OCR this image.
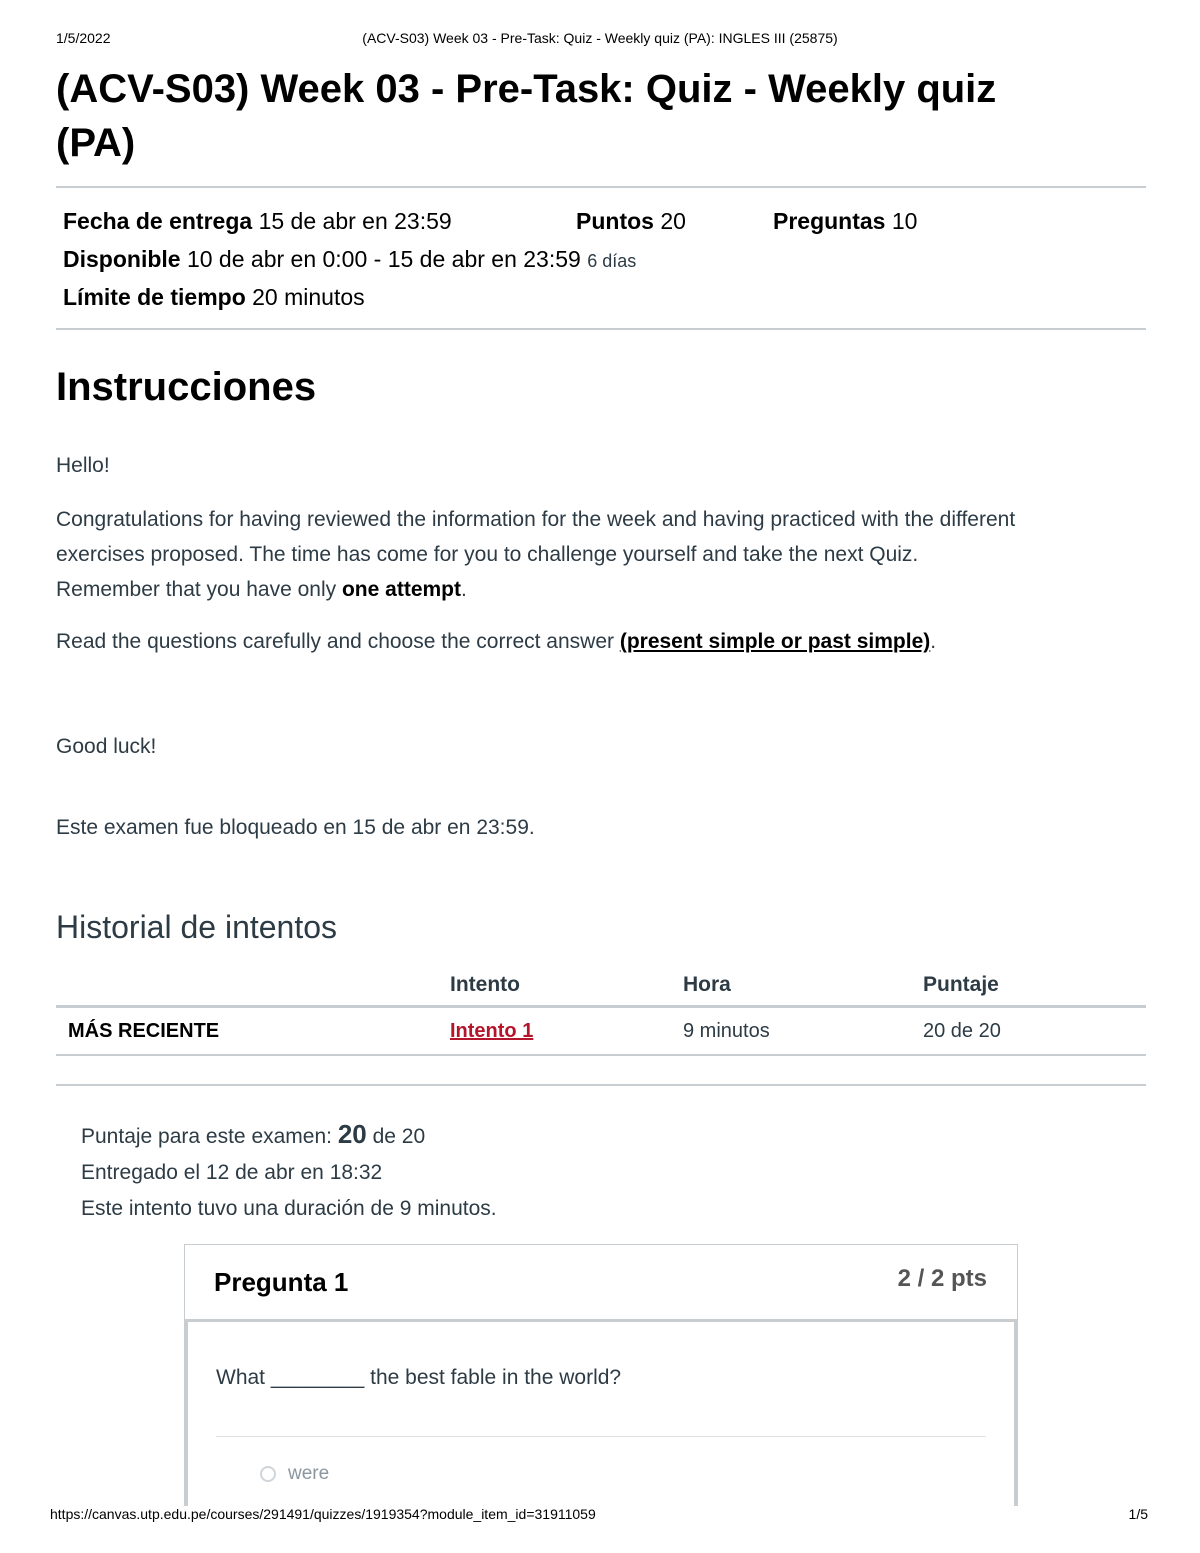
1/5/2022	(ACV-S03) Week 03 - Pre-Task: Quiz - Weekly quiz (PA): INGLES III (25875)
(ACV-S03) Week 03 - Pre-Task: Quiz - Weekly quiz
(PA)
Fecha de entrega 15 de abr en 23:59	Puntos 20	Preguntas 10
Disponible 10 de abr en 0:00 - 15 de abr en 23:59 6 días
Límite de tiempo 20 minutos
Instrucciones

Hello!

Congratulations for having reviewed the information for the week and having practiced with the different
exercises proposed. The time has come for you to challenge yourself and take the next Quiz.
Remember that you have only one attempt.

Read the questions carefully and choose the correct answer (present simple or past simple).

Good luck!

Este examen fue bloqueado en 15 de abr en 23:59.

Historial de intentos
	Intento	Hora	Puntaje
MÁS RECIENTE	Intento 1	9 minutos	20 de 20
Puntaje para este examen: 20 de 20
Entregado el 12 de abr en 18:32
Este intento tuvo una duración de 9 minutos.
Pregunta 1	2 / 2 pts
What ________ the best fable in the world?
were
https://canvas.utp.edu.pe/courses/291491/quizzes/1919354?module_item_id=31911059	1/5
